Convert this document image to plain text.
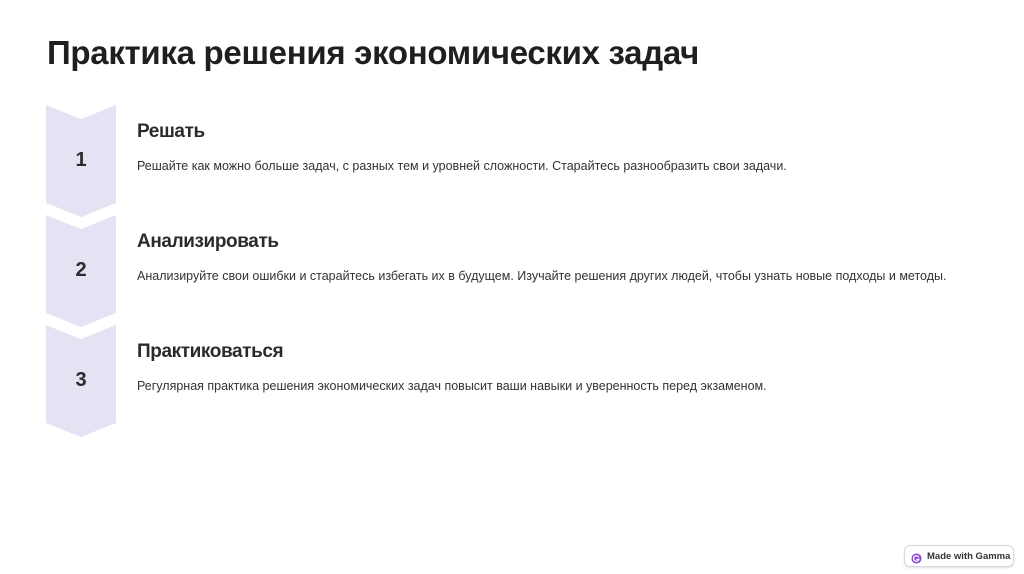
Практика решения экономических задач
1
Решать

Решайте как можно больше задач, с разных тем и уровней сложности. Старайтесь разнообразить свои задачи.

2
Анализировать

Анализируйте свои ошибки и старайтесь избегать их в будущем. Изучайте решения других людей, чтобы узнать новые подходы и методы.

3
Практиковаться

Регулярная практика решения экономических задач повысит ваши навыки и уверенность перед экзаменом.

Made with Gamma
